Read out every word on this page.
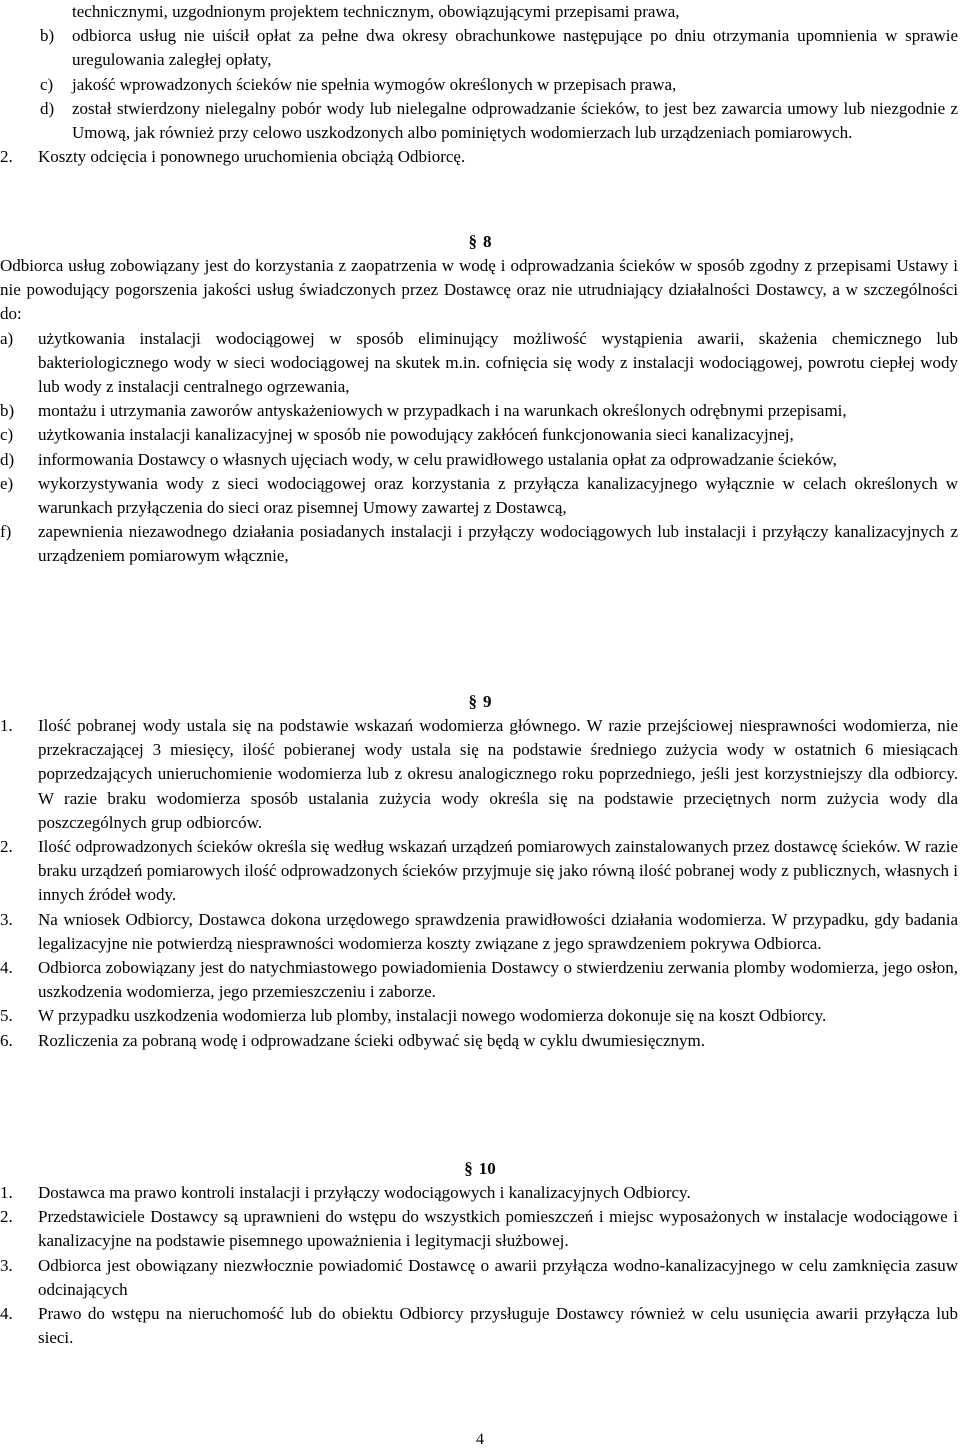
technicznymi, uzgodnionym projektem technicznym, obowiązującymi przepisami prawa,
b) odbiorca usług nie uiścił opłat za pełne dwa okresy obrachunkowe następujące po dniu otrzymania upomnienia w sprawie uregulowania zaległej opłaty,
c) jakość wprowadzonych ścieków nie spełnia wymogów określonych w przepisach prawa,
d) został stwierdzony nielegalny pobór wody lub nielegalne odprowadzanie ścieków, to jest bez zawarcia umowy lub niezgodnie z Umową, jak również przy celowo uszkodzonych albo pominiętych wodomierzach lub urządzeniach pomiarowych.
2. Koszty odcięcia i ponownego uruchomienia obciążą Odbiorcę.
§ 8
Odbiorca usług zobowiązany jest do korzystania z zaopatrzenia w wodę i odprowadzania ścieków w sposób zgodny z przepisami Ustawy i nie powodujący pogorszenia jakości usług świadczonych przez Dostawcę oraz nie utrudniający działalności Dostawcy, a w szczególności do:
a) użytkowania instalacji wodociągowej w sposób eliminujący możliwość wystąpienia awarii, skażenia chemicznego lub bakteriologicznego wody w sieci wodociągowej na skutek m.in. cofnięcia się wody z instalacji wodociągowej, powrotu ciepłej wody lub wody z instalacji centralnego ogrzewania,
b) montażu i utrzymania zaworów antyskażeniowych w przypadkach i na warunkach określonych odrębnymi przepisami,
c) użytkowania instalacji kanalizacyjnej w sposób nie powodujący zakłóceń funkcjonowania sieci kanalizacyjnej,
d) informowania Dostawcy o własnych ujęciach wody, w celu prawidłowego ustalania opłat za odprowadzanie ścieków,
e) wykorzystywania wody z sieci wodociągowej oraz korzystania z przyłącza kanalizacyjnego wyłącznie w celach określonych w warunkach przyłączenia do sieci oraz pisemnej Umowy zawartej z Dostawcą,
f) zapewnienia niezawodnego działania posiadanych instalacji i przyłączy wodociągowych lub instalacji i przyłączy kanalizacyjnych z urządzeniem pomiarowym włącznie,
§ 9
1. Ilość pobranej wody ustala się na podstawie wskazań wodomierza głównego. W razie przejściowej niesprawności wodomierza, nie przekraczającej 3 miesięcy, ilość pobieranej wody ustala się na podstawie średniego zużycia wody w ostatnich 6 miesiącach poprzedzających unieruchomienie wodomierza lub z okresu analogicznego roku poprzedniego, jeśli jest korzystniejszy dla odbiorcy. W razie braku wodomierza sposób ustalania zużycia wody określa się na podstawie przeciętnych norm zużycia wody dla poszczególnych grup odbiorców.
2. Ilość odprowadzonych ścieków określa się według wskazań urządzeń pomiarowych zainstalowanych przez dostawcę ścieków. W razie braku urządzeń pomiarowych ilość odprowadzonych ścieków przyjmuje się jako równą ilość pobranej wody z publicznych, własnych i innych źródeł wody.
3. Na wniosek Odbiorcy, Dostawca dokona urzędowego sprawdzenia prawidłowości działania wodomierza. W przypadku, gdy badania legalizacyjne nie potwierdzą niesprawności wodomierza koszty związane z jego sprawdzeniem pokrywa Odbiorca.
4. Odbiorca zobowiązany jest do natychmiastowego powiadomienia Dostawcy o stwierdzeniu zerwania plomby wodomierza, jego osłon, uszkodzenia wodomierza, jego przemieszczeniu i zaborze.
5. W przypadku uszkodzenia wodomierza lub plomby, instalacji nowego wodomierza dokonuje się na koszt Odbiorcy.
6. Rozliczenia za pobraną wodę i odprowadzane ścieki odbywać się będą w cyklu dwumiesięcznym.
§ 10
1. Dostawca ma prawo kontroli instalacji i przyłączy wodociągowych i kanalizacyjnych Odbiorcy.
2. Przedstawiciele Dostawcy są uprawnieni do wstępu do wszystkich pomieszczeń i miejsc wyposażonych w instalacje wodociągowe i kanalizacyjne na podstawie pisemnego upoważnienia i legitymacji służbowej.
3. Odbiorca jest obowiązany niezwłocznie powiadomić Dostawcę o awarii przyłącza wodno-kanalizacyjnego w celu zamknięcia zasuw odcinających
4. Prawo do wstępu na nieruchomość lub do obiektu Odbiorcy przysługuje Dostawcy również w celu usunięcia awarii przyłącza lub sieci.
4
